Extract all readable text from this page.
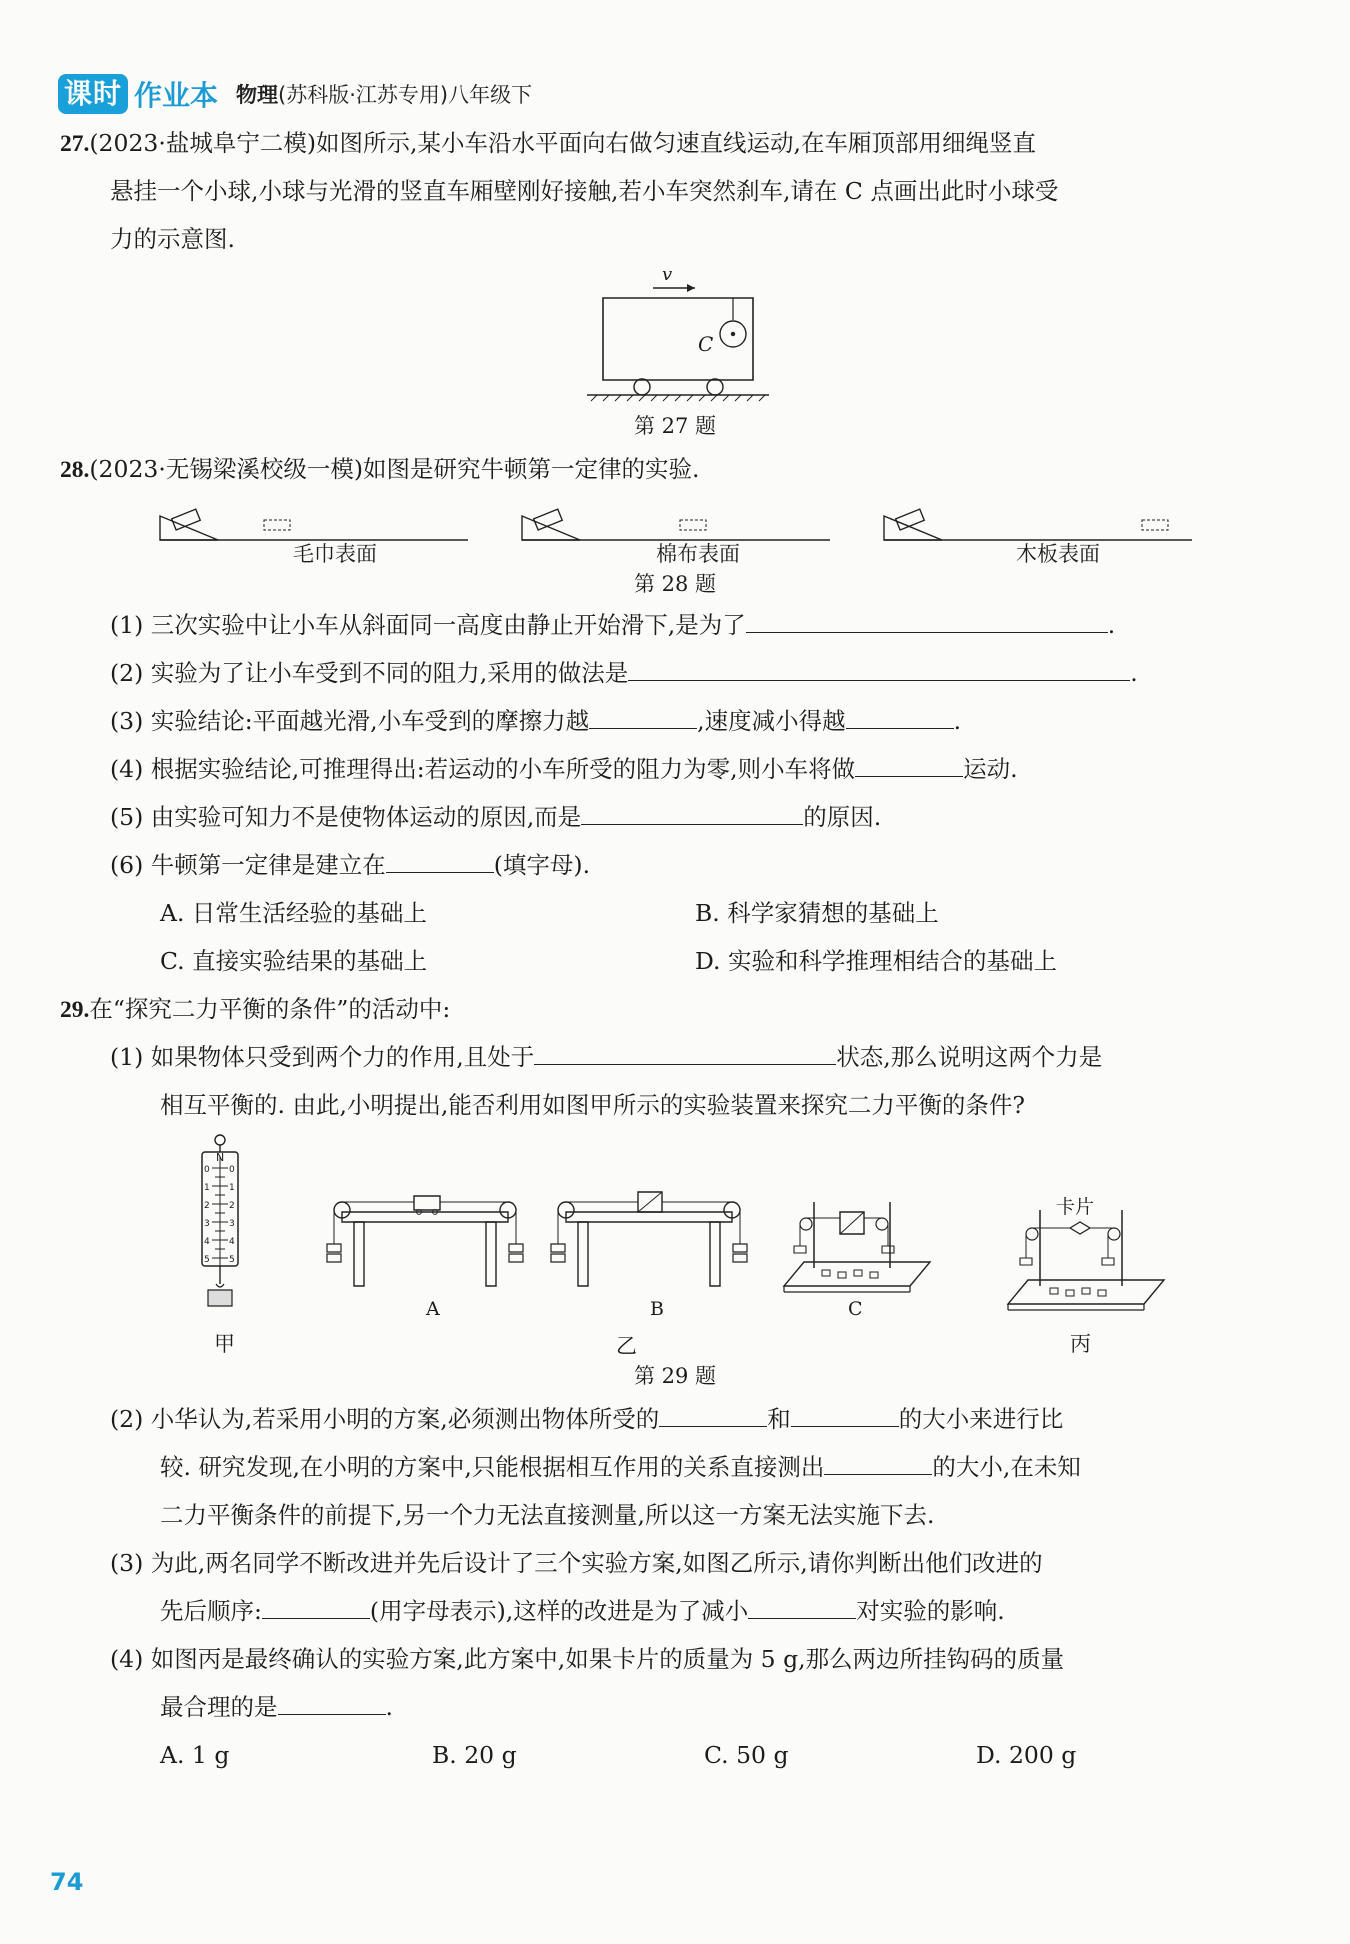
课时 作业本 物理(苏科版·江苏专用)八年级下
27.(2023·盐城阜宁二模)如图所示,某小车沿水平面向右做匀速直线运动,在车厢顶部用细绳竖直
悬挂一个小球,小球与光滑的竖直车厢壁刚好接触,若小车突然刹车,请在 C 点画出此时小球受
力的示意图.
v
C
第 27 题
28.(2023·无锡梁溪校级一模)如图是研究牛顿第一定律的实验.
毛巾表面	棉布表面	木板表面
第 28 题
(1) 三次实验中让小车从斜面同一高度由静止开始滑下,是为了	.
(2) 实验为了让小车受到不同的阻力,采用的做法是	.
(3) 实验结论:平面越光滑,小车受到的摩擦力越	,速度减小得越	.
(4) 根据实验结论,可推理得出:若运动的小车所受的阻力为零,则小车将做	运动.
(5) 由实验可知力不是使物体运动的原因,而是	的原因.
(6) 牛顿第一定律是建立在	(填字母).
A. 日常生活经验的基础上	B. 科学家猜想的基础上
C. 直接实验结果的基础上	D. 实验和科学推理相结合的基础上
29.在“探究二力平衡的条件”的活动中:
(1) 如果物体只受到两个力的作用,且处于	状态,那么说明这两个力是
相互平衡的. 由此,小明提出,能否利用如图甲所示的实验装置来探究二力平衡的条件?
N
0
1
2
3
4
5
0
1
2
3
4
5
卡片
甲
A	B	C
乙	丙
第 29 题
(2) 小华认为,若采用小明的方案,必须测出物体所受的	和	的大小来进行比
较. 研究发现,在小明的方案中,只能根据相互作用的关系直接测出	的大小,在未知
二力平衡条件的前提下,另一个力无法直接测量,所以这一方案无法实施下去.
(3) 为此,两名同学不断改进并先后设计了三个实验方案,如图乙所示,请你判断出他们改进的
先后顺序:	(用字母表示),这样的改进是为了减小	对实验的影响.
(4) 如图丙是最终确认的实验方案,此方案中,如果卡片的质量为 5 g,那么两边所挂钩码的质量
最合理的是	.
A. 1 g	B. 20 g	C. 50 g	D. 200 g
74
